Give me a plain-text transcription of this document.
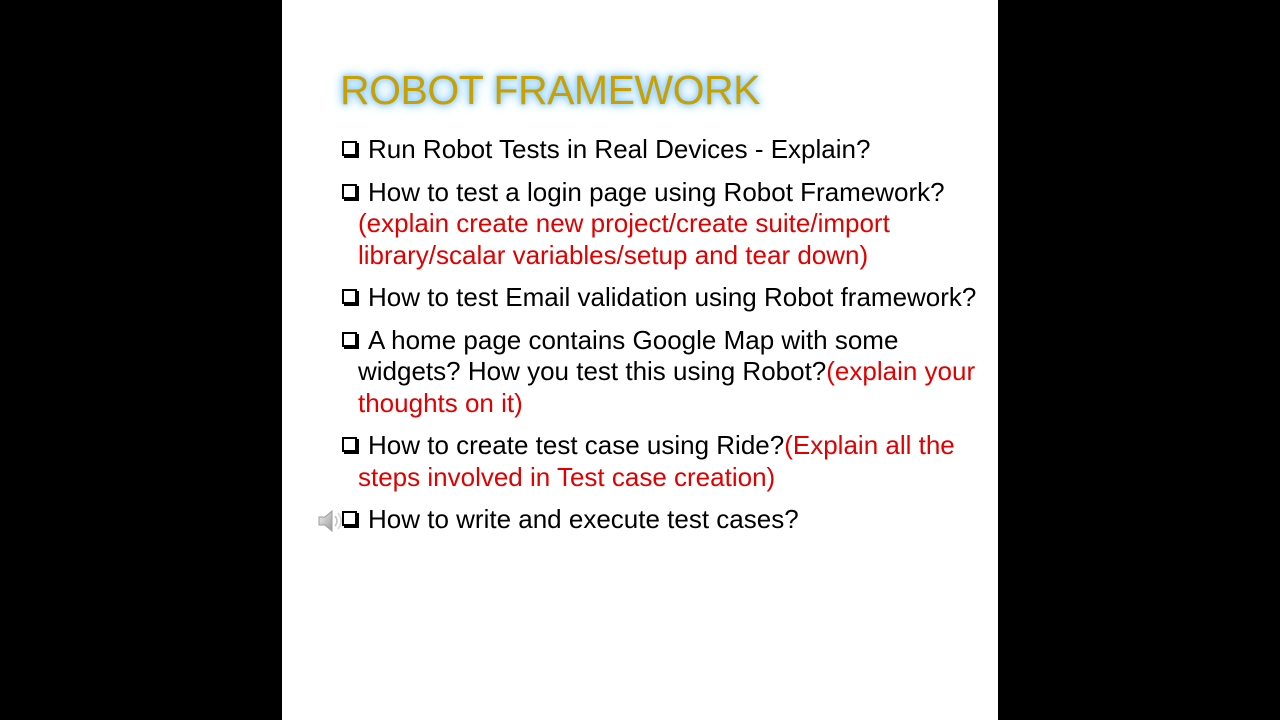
ROBOT FRAMEWORK
Run Robot Tests in Real Devices - Explain?
How to test a login page using Robot Framework? (explain create new project/create suite/import library/scalar variables/setup and tear down)
How to test Email validation using Robot framework?
A home page contains Google Map with some widgets? How you test this using Robot?(explain your thoughts on it)
How to create test case using Ride?(Explain all the steps involved in Test case creation)
How to write and execute test cases?
